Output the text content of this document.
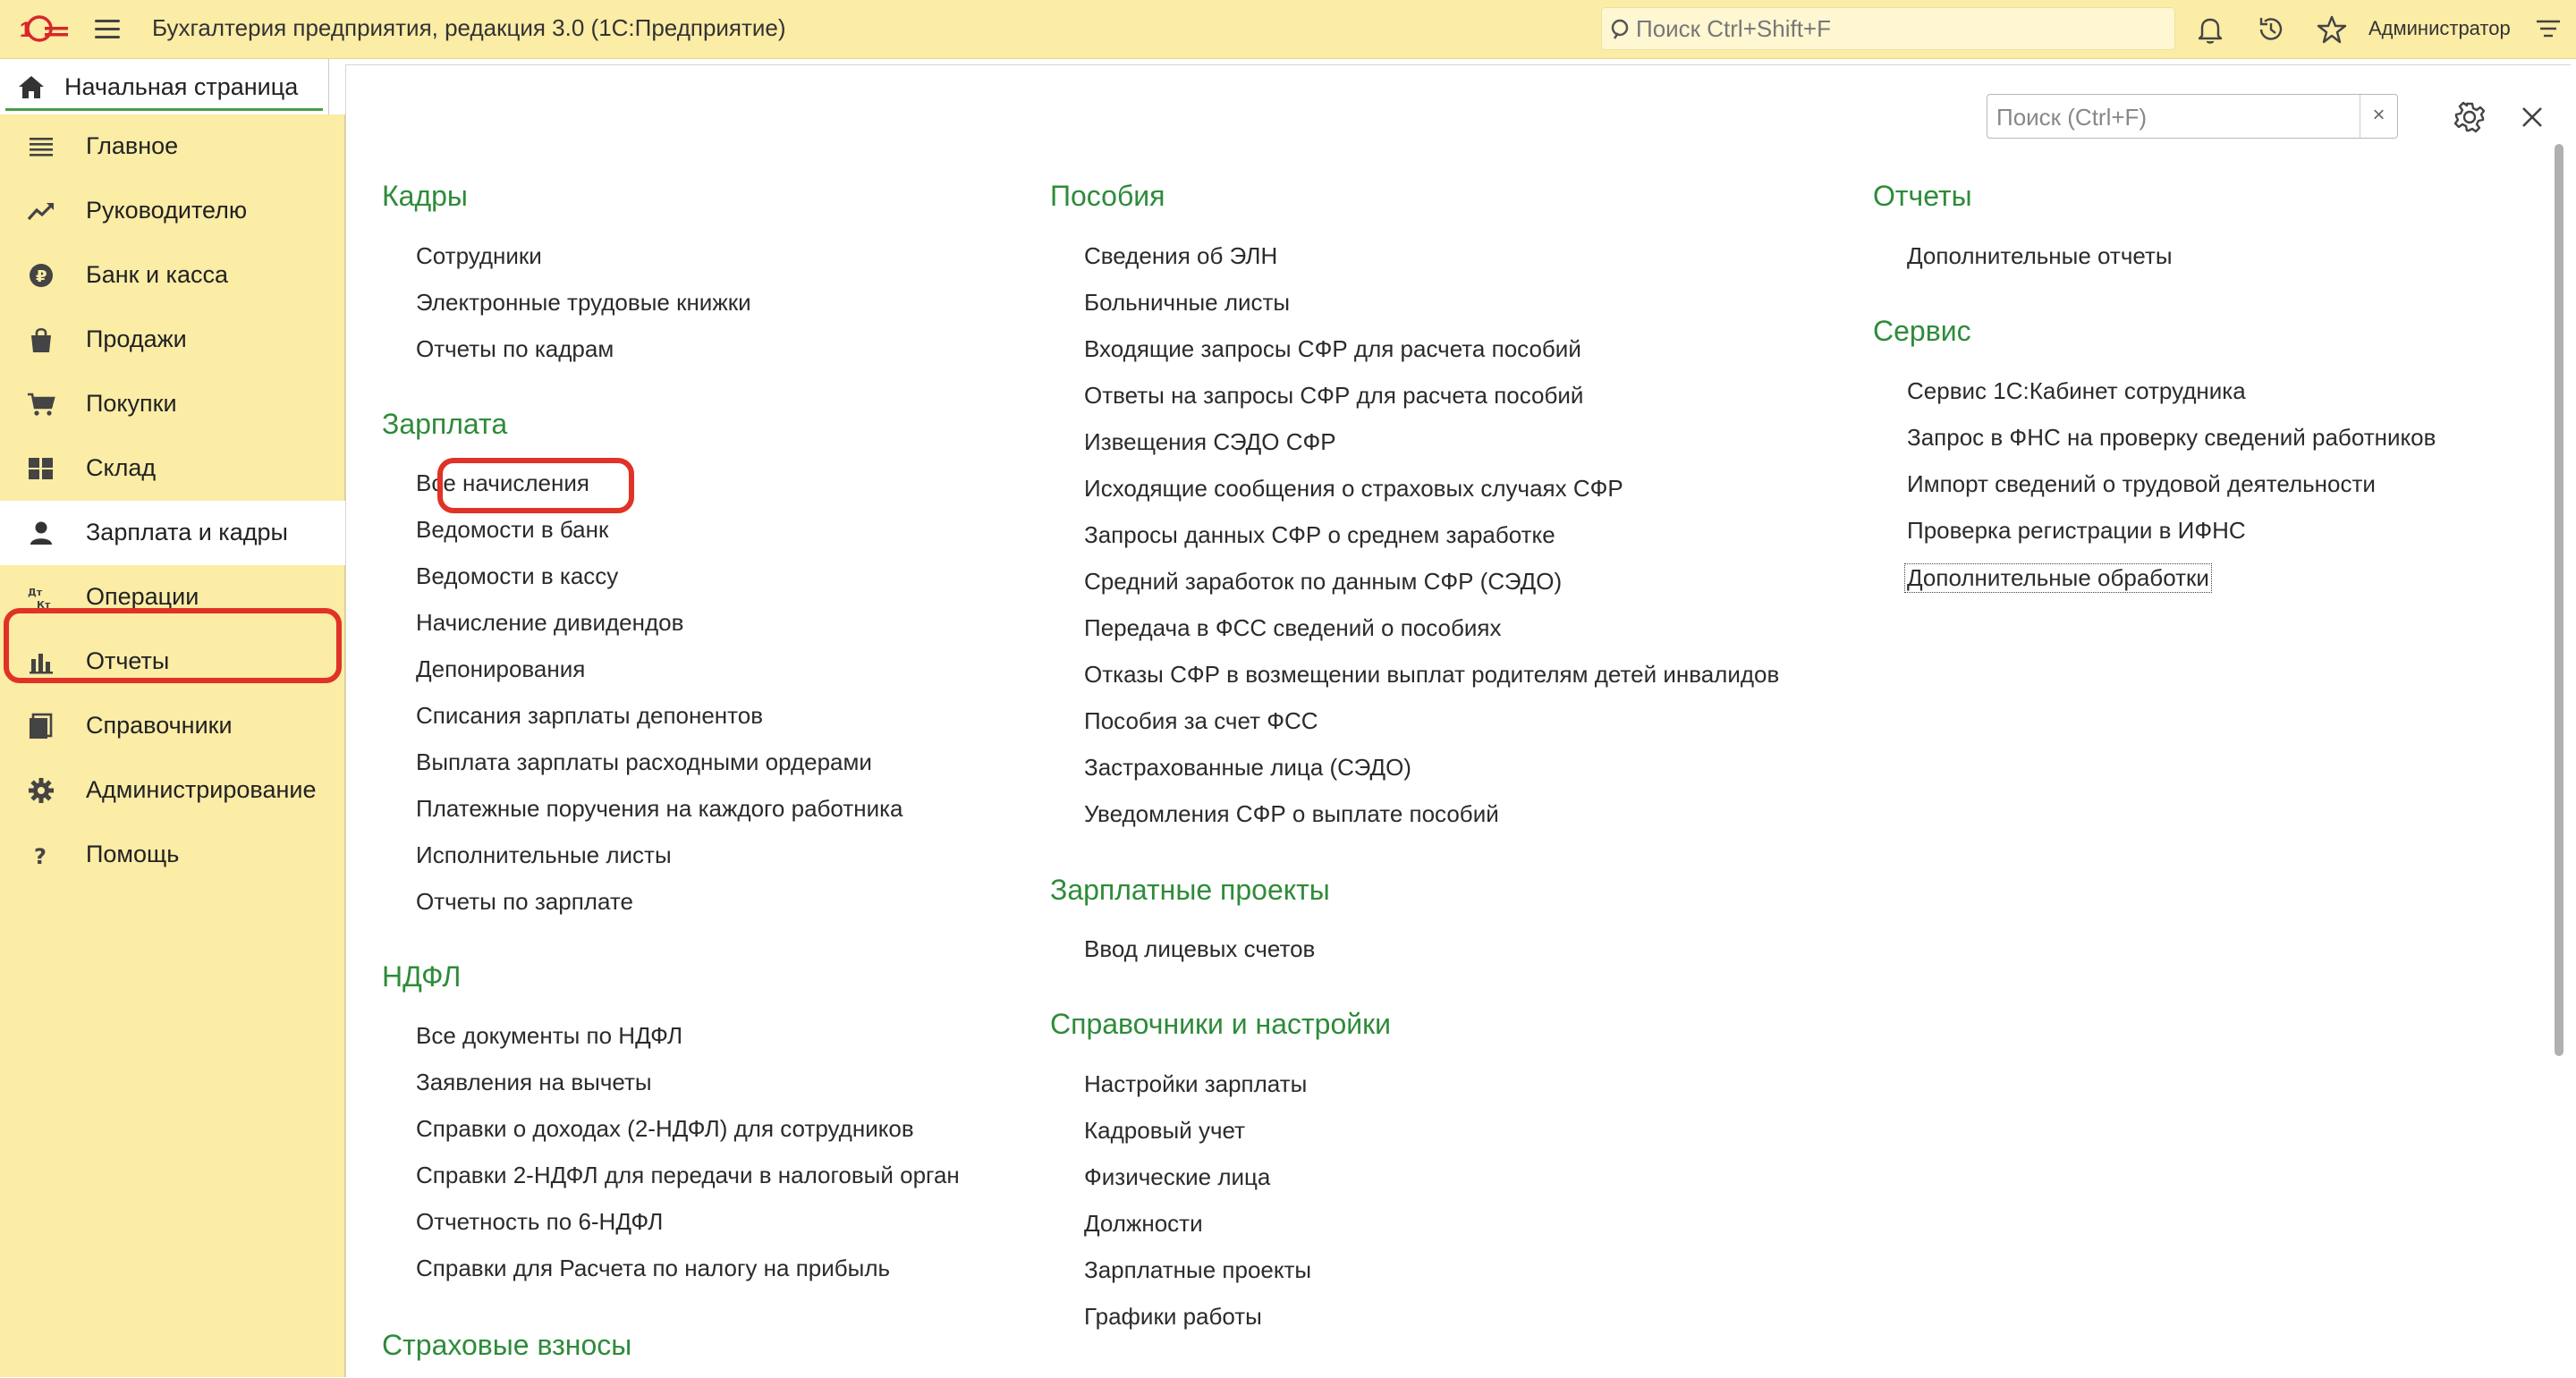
1	Бухгалтерия предприятия, редакция 3.0 (1С:Предприятие)
Поиск Ctrl+Shift+F	Администратор
Начальная страница
Главное
Руководителю
₽ Банк и касса
Продажи
Покупки
Склад
Зарплата и кадры
Дт
Кт Операции
Отчеты
Справочники
Администрирование
? Помощь
Поиск (Ctrl+F)
×
Кадры
Сотрудники
Электронные трудовые книжки
Отчеты по кадрам
Зарплата
Все начисления
Ведомости в банк
Ведомости в кассу
Начисление дивидендов
Депонирования
Списания зарплаты депонентов
Выплата зарплаты расходными ордерами
Платежные поручения на каждого работника
Исполнительные листы
Отчеты по зарплате
НДФЛ
Все документы по НДФЛ
Заявления на вычеты
Справки о доходах (2-НДФЛ) для сотрудников
Справки 2-НДФЛ для передачи в налоговый орган
Отчетность по 6-НДФЛ
Справки для Расчета по налогу на прибыль
Страховые взносы
Пособия
Сведения об ЭЛН
Больничные листы
Входящие запросы СФР для расчета пособий
Ответы на запросы СФР для расчета пособий
Извещения СЭДО СФР
Исходящие сообщения о страховых случаях СФР
Запросы данных СФР о среднем заработке
Средний заработок по данным СФР (СЭДО)
Передача в ФСС сведений о пособиях
Отказы СФР в возмещении выплат родителям детей инвалидов
Пособия за счет ФСС
Застрахованные лица (СЭДО)
Уведомления СФР о выплате пособий
Зарплатные проекты
Ввод лицевых счетов
Справочники и настройки
Настройки зарплаты
Кадровый учет
Физические лица
Должности
Зарплатные проекты
Графики работы
Отчеты
Дополнительные отчеты
Сервис
Сервис 1С:Кабинет сотрудника
Запрос в ФНС на проверку сведений работников
Импорт сведений о трудовой деятельности
Проверка регистрации в ИФНС
Дополнительные обработки
